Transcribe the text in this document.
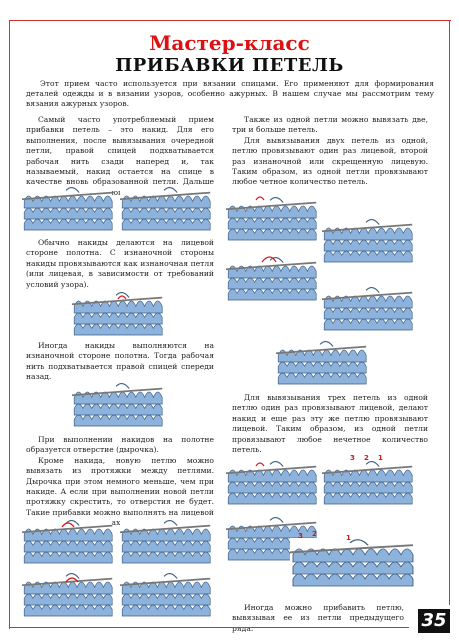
Мастер-класс
ПРИБАВКИ ПЕТЕЛЬ
Этот прием часто используется при вязании спицами. Его применяют для формирования деталей одежды и в вязании узоров, особенно ажурных. В нашем случае мы рассмотрим тему вязания ажурных узоров.

Самый часто употребляемый прием прибавки петель – это накид. Для его выполнения, после вывязывания очередной петли, правой спицей подхватывается рабочая нить сзади наперед и, так называемый, накид остается на спице в качестве вновь образованной петли. Дальше

Обычно накиды делаются на лицевой стороне полотна. С изнаночной стороны накиды провязываются как изнаночная петля (или лицевая, в зависимости от требований условий узора).

Иногда накиды выполняются на изнаночной стороне полотна. Тогда рабочая нить подхватывается правой спицей спереди назад.

При выполнении накидов на полотне образуется отверстие (дырочка).

Кроме накида, новую петлю можно вывязать из протяжки между петлями. Дырочка при этом немного меньше, чем при накиде. А если при выполнении новой петли протяжку скрестить, то отверстия не будет. Такие прибавки можно выполнять на лицевой

Также из одной петли можно вывязать две, три и больше петель.

Для вывязывания двух петель из одной, петлю провязывают один раз лицевой, второй раз изнаночной или скрещенную лицевую. Таким образом, из одной петли провязывают любое четное количество петель.

Для вывязывания трех петель из одной петлю один раз провязывают лицевой, делают накид и еще раз эту же петлю провязывают лицевой. Таким образом, из одной петли провязывают любое нечетное количество петель.

Иногда можно прибавить петлю, вывязывая ее из петли предыдущего ряда.

3 2 1
3 2	1
35
